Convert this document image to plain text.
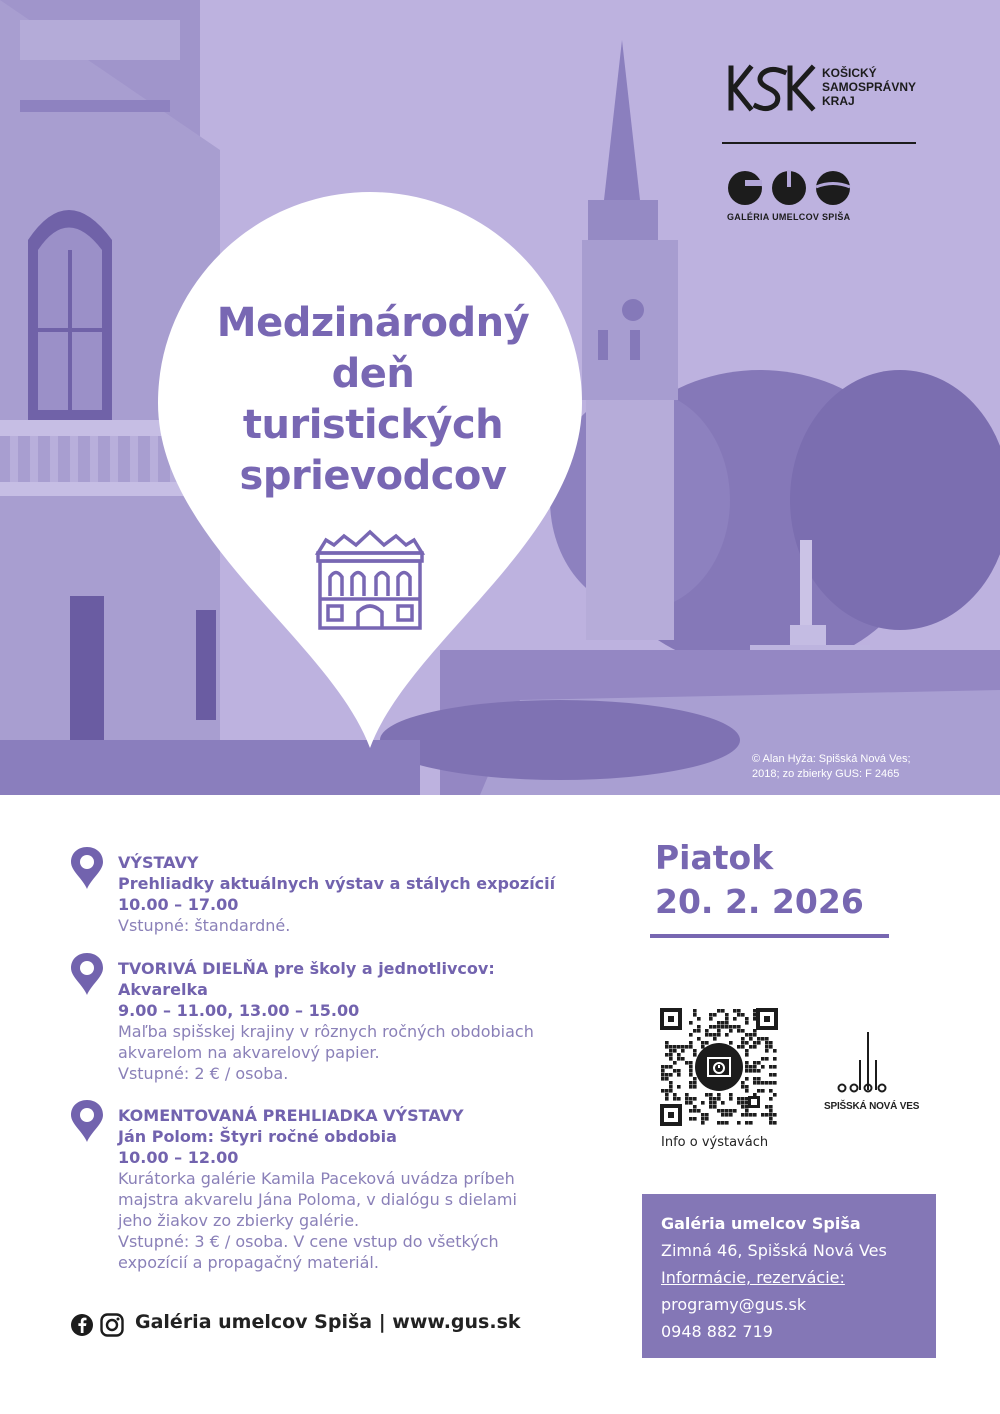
Medzinárodný
deň
turistických
sprievodcov
KOŠICKÝ
SAMOSPRÁVNY
KRAJ
GALÉRIA UMELCOV SPIŠA
© Alan Hyža: Spišská Nová Ves;
2018; zo zbierky GUS: F 2465
VÝSTAVY
Prehliadky aktuálnych výstav a stálych expozícií
10.00 – 17.00
Vstupné: štandardné.
TVORIVÁ DIELŇA pre školy a jednotlivcov:
Akvarelka
9.00 – 11.00, 13.00 – 15.00
Maľba spišskej krajiny v rôznych ročných obdobiach
akvarelom na akvarelový papier.
Vstupné: 2 € / osoba.
KOMENTOVANÁ PREHLIADKA VÝSTAVY
Ján Polom: Štyri ročné obdobia
10.00 – 12.00
Kurátorka galérie Kamila Paceková uvádza príbeh
majstra akvarelu Jána Poloma, v dialógu s dielami
jeho žiakov zo zbierky galérie.
Vstupné: 3 € / osoba. V cene vstup do všetkých
expozícií a propagačný materiál.
Piatok
20. 2. 2026
Info o výstavách
SPIŠSKÁ NOVÁ VES
Galéria umelcov Spiša
Zimná 46, Spišská Nová Ves
Informácie, rezervácie:
programy@gus.sk
0948 882 719
Galéria umelcov Spiša | www.gus.sk
